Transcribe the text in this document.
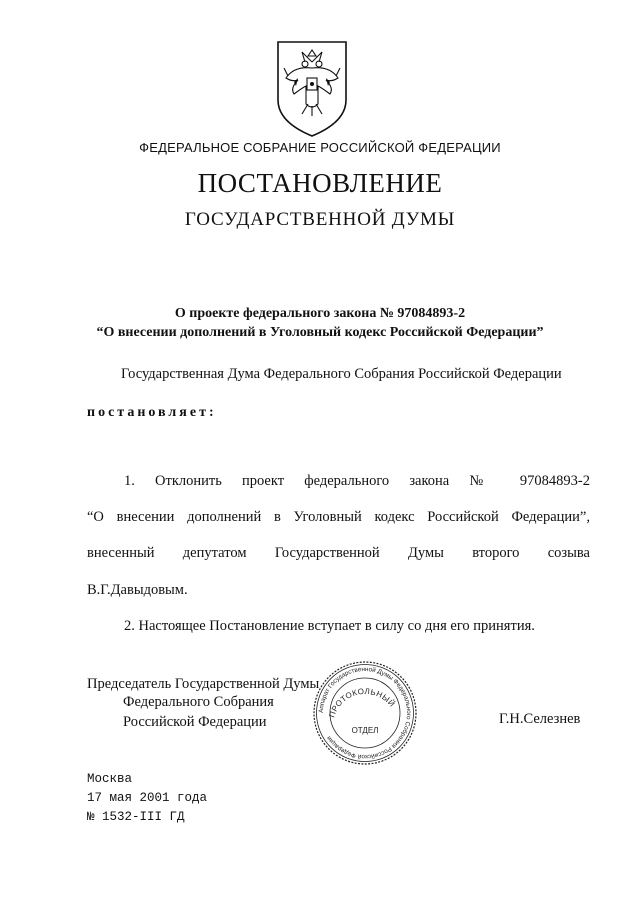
ФЕДЕРАЛЬНОЕ СОБРАНИЕ РОССИЙСКОЙ ФЕДЕРАЦИИ
ПОСТАНОВЛЕНИЕ
ГОСУДАРСТВЕННОЙ ДУМЫ
О проекте федерального закона № 97084893-2
“О внесении дополнений в Уголовный кодекс Российской Федерации”
Государственная Дума Федерального Собрания Российской Федерации
постановляет:
1. Отклонить проект федерального закона № 97084893-2
“О внесении дополнений в Уголовный кодекс Российской Федерации”,
внесенный депутатом Государственной Думы второго созыва
В.Г.Давыдовым.
2. Настоящее Постановление вступает в силу со дня его принятия.
Председатель Государственной Думы
Федерального Собрания
Российской Федерации	Г.Н.Селезнев
Аппарат Государственной Думы Федерального Собрания Российской Федерации
ПРОТОКОЛЬНЫЙ
ОТДЕЛ
Москва
17 мая 2001 года
№ 1532-III ГД
